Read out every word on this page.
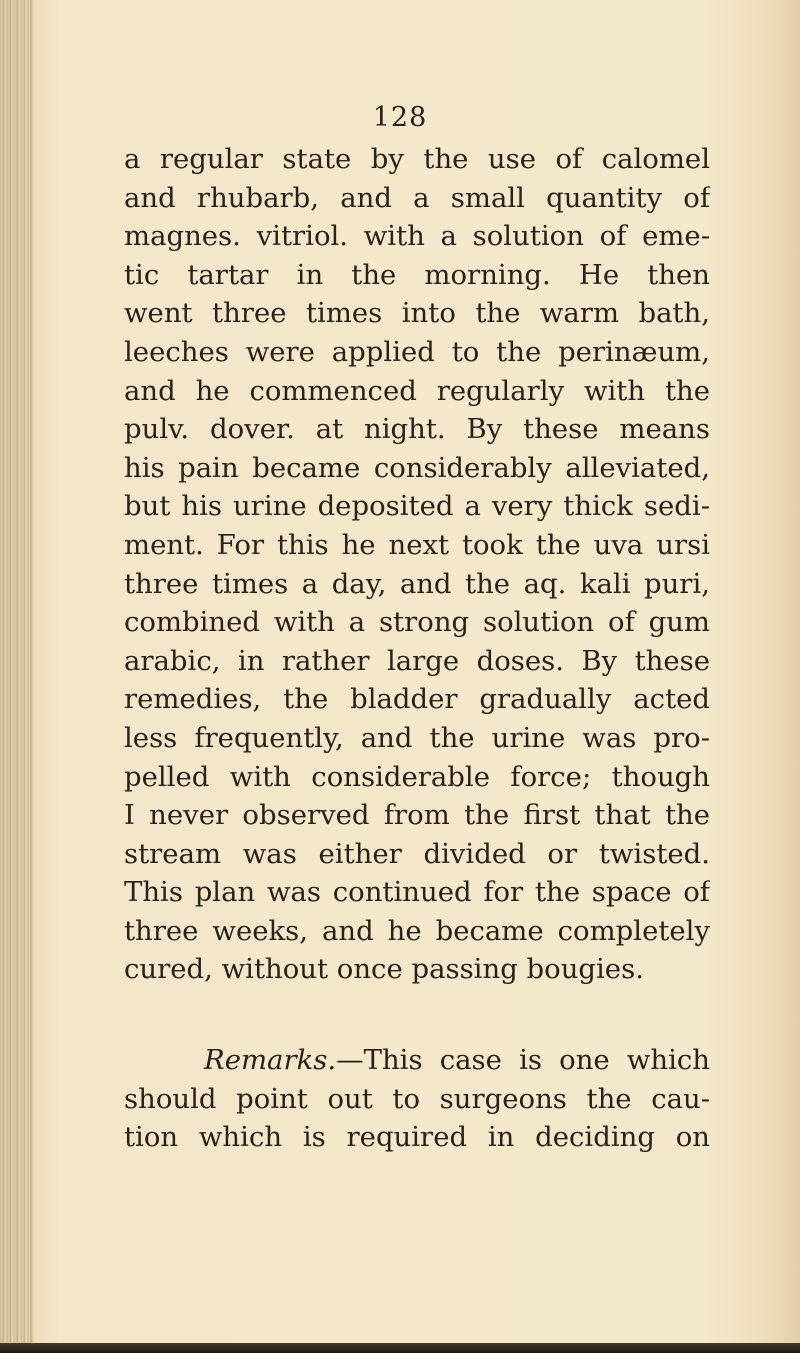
128
a regular state by the use of calomel
and rhubarb, and a small quantity of
magnes. vitriol. with a solution of eme-
tic tartar in the morning. He then
went three times into the warm bath,
leeches were applied to the perinæum,
and he commenced regularly with the
pulv. dover. at night. By these means
his pain became considerably alleviated,
but his urine deposited a very thick sedi-
ment. For this he next took the uva ursi
three times a day, and the aq. kali puri,
combined with a strong solution of gum
arabic, in rather large doses. By these
remedies, the bladder gradually acted
less frequently, and the urine was pro-
pelled with considerable force; though
I never observed from the first that the
stream was either divided or twisted.
This plan was continued for the space of
three weeks, and he became completely
cured, without once passing bougies.
Remarks.—This case is one which
should point out to surgeons the cau-
tion which is required in deciding on
